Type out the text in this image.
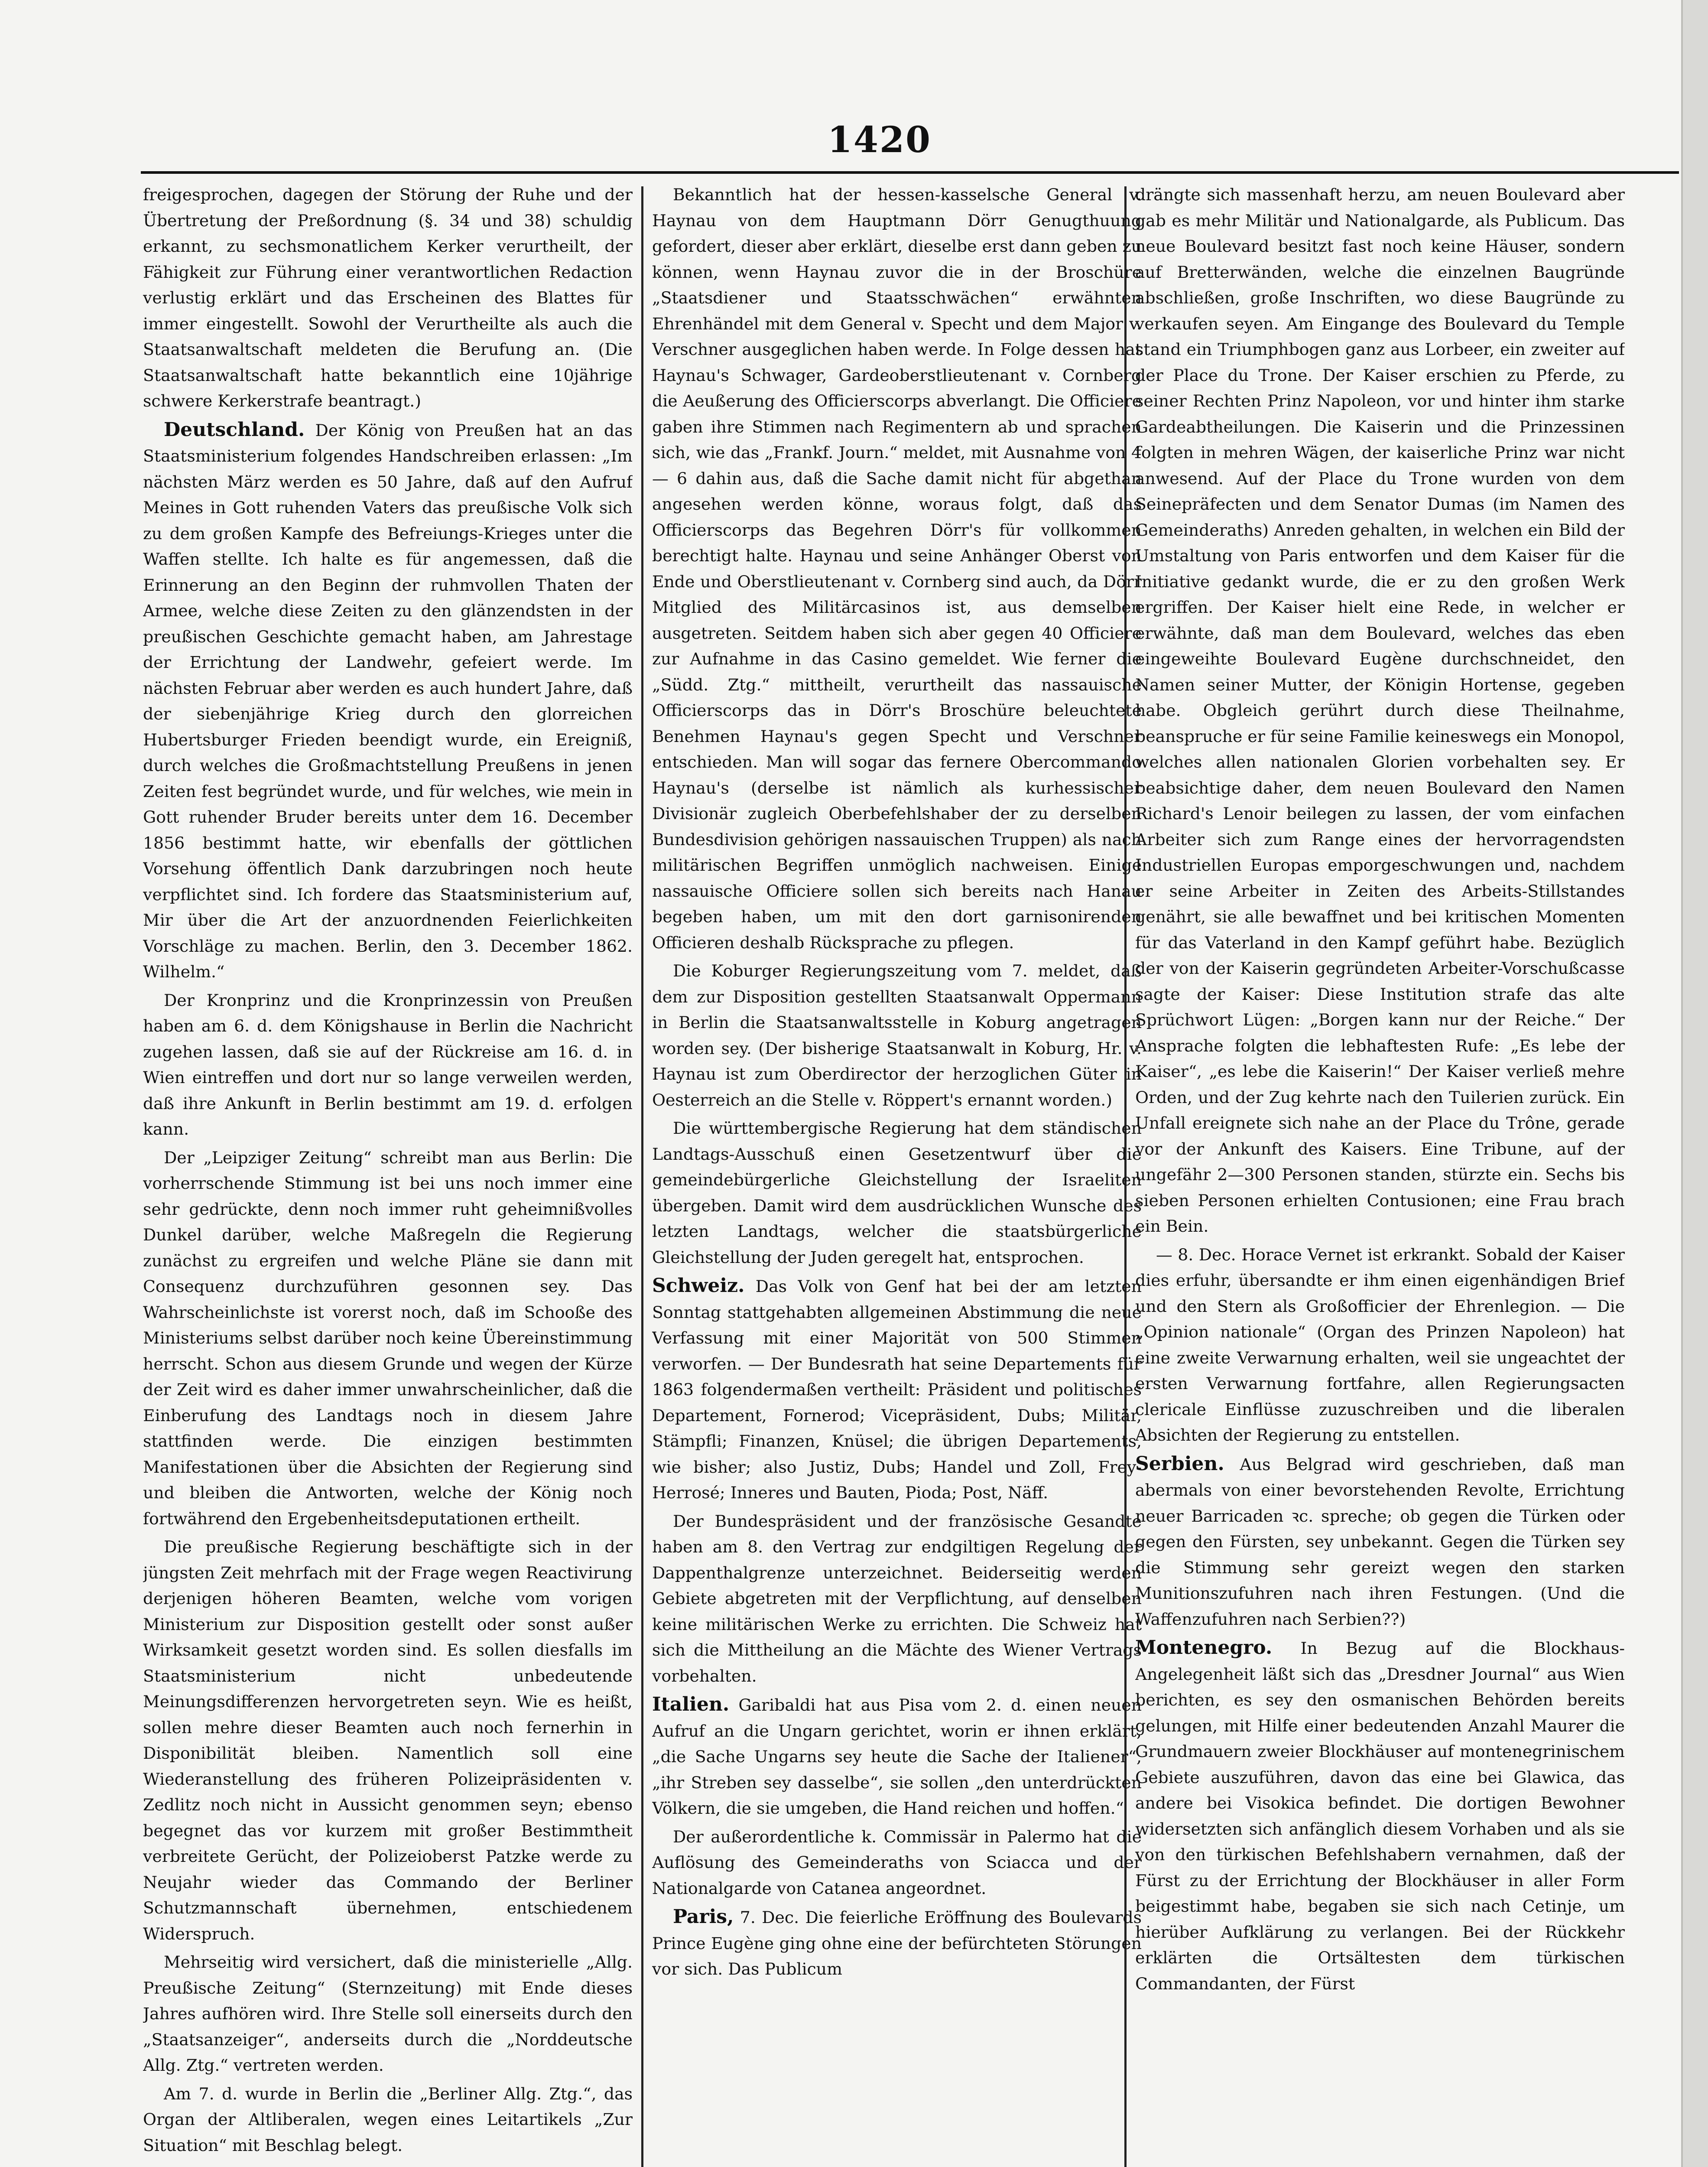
1420

freigesprochen, dagegen der Störung der Ruhe und der Übertretung der Preßordnung (§. 34 und 38) schuldig erkannt, zu sechsmonatlichem Kerker verurtheilt, der Fähigkeit zur Führung einer verantwortlichen Redaction verlustig erklärt und das Erscheinen des Blattes für immer eingestellt. Sowohl der Verurtheilte als auch die Staatsanwaltschaft meldeten die Berufung an. (Die Staatsanwaltschaft hatte bekanntlich eine 10jährige schwere Kerkerstrafe beantragt.)

Deutschland. Der König von Preußen hat an das Staatsministerium folgendes Handschreiben erlassen: „Im nächsten März werden es 50 Jahre, daß auf den Aufruf Meines in Gott ruhenden Vaters das preußische Volk sich zu dem großen Kampfe des Befreiungs-Krieges unter die Waffen stellte. Ich halte es für angemessen, daß die Erinnerung an den Beginn der ruhmvollen Thaten der Armee, welche diese Zeiten zu den glänzendsten in der preußischen Geschichte gemacht haben, am Jahrestage der Errichtung der Landwehr, gefeiert werde. Im nächsten Februar aber werden es auch hundert Jahre, daß der siebenjährige Krieg durch den glorreichen Hubertsburger Frieden beendigt wurde, ein Ereigniß, durch welches die Großmachtstellung Preußens in jenen Zeiten fest begründet wurde, und für welches, wie mein in Gott ruhender Bruder bereits unter dem 16. December 1856 bestimmt hatte, wir ebenfalls der göttlichen Vorsehung öffentlich Dank darzubringen noch heute verpflichtet sind. Ich fordere das Staatsministerium auf, Mir über die Art der anzuordnenden Feierlichkeiten Vorschläge zu machen. Berlin, den 3. December 1862. Wilhelm.“

Der Kronprinz und die Kronprinzessin von Preußen haben am 6. d. dem Königshause in Berlin die Nachricht zugehen lassen, daß sie auf der Rückreise am 16. d. in Wien eintreffen und dort nur so lange verweilen werden, daß ihre Ankunft in Berlin bestimmt am 19. d. erfolgen kann.

Der „Leipziger Zeitung“ schreibt man aus Berlin: Die vorherrschende Stimmung ist bei uns noch immer eine sehr gedrückte, denn noch immer ruht geheimnißvolles Dunkel darüber, welche Maßregeln die Regierung zunächst zu ergreifen und welche Pläne sie dann mit Consequenz durchzuführen gesonnen sey. Das Wahrscheinlichste ist vorerst noch, daß im Schooße des Ministeriums selbst darüber noch keine Übereinstimmung herrscht. Schon aus diesem Grunde und wegen der Kürze der Zeit wird es daher immer unwahrscheinlicher, daß die Einberufung des Landtags noch in diesem Jahre stattfinden werde. Die einzigen bestimmten Manifestationen über die Absichten der Regierung sind und bleiben die Antworten, welche der König noch fortwährend den Ergebenheitsdeputationen ertheilt.

Die preußische Regierung beschäftigte sich in der jüngsten Zeit mehrfach mit der Frage wegen Reactivirung derjenigen höheren Beamten, welche vom vorigen Ministerium zur Disposition gestellt oder sonst außer Wirksamkeit gesetzt worden sind. Es sollen diesfalls im Staatsministerium nicht unbedeutende Meinungsdifferenzen hervorgetreten seyn. Wie es heißt, sollen mehre dieser Beamten auch noch fernerhin in Disponibilität bleiben. Namentlich soll eine Wiederanstellung des früheren Polizeipräsidenten v. Zedlitz noch nicht in Aussicht genommen seyn; ebenso begegnet das vor kurzem mit großer Bestimmtheit verbreitete Gerücht, der Polizeioberst Patzke werde zu Neujahr wieder das Commando der Berliner Schutzmannschaft übernehmen, entschiedenem Widerspruch.

Mehrseitig wird versichert, daß die ministerielle „Allg. Preußische Zeitung“ (Sternzeitung) mit Ende dieses Jahres aufhören wird. Ihre Stelle soll einerseits durch den „Staatsanzeiger“, anderseits durch die „Norddeutsche Allg. Ztg.“ vertreten werden.

Am 7. d. wurde in Berlin die „Berliner Allg. Ztg.“, das Organ der Altliberalen, wegen eines Leitartikels „Zur Situation“ mit Beschlag belegt.

Bekanntlich hat der hessen-kasselsche General v. Haynau von dem Hauptmann Dörr Genugthuung gefordert, dieser aber erklärt, dieselbe erst dann geben zu können, wenn Haynau zuvor die in der Broschüre „Staatsdiener und Staatsschwächen“ erwähnten Ehrenhändel mit dem General v. Specht und dem Major v. Verschner ausgeglichen haben werde. In Folge dessen hat Haynau's Schwager, Gardeoberstlieutenant v. Cornberg die Aeußerung des Officierscorps abverlangt. Die Officiere gaben ihre Stimmen nach Regimentern ab und sprachen sich, wie das „Frankf. Journ.“ meldet, mit Ausnahme von 4 — 6 dahin aus, daß die Sache damit nicht für abgethan angesehen werden könne, woraus folgt, daß das Officierscorps das Begehren Dörr's für vollkommen berechtigt halte. Haynau und seine Anhänger Oberst von Ende und Oberstlieutenant v. Cornberg sind auch, da Dörr Mitglied des Militärcasinos ist, aus demselben ausgetreten. Seitdem haben sich aber gegen 40 Officiere zur Aufnahme in das Casino gemeldet. Wie ferner die „Südd. Ztg.“ mittheilt, verurtheilt das nassauische Officierscorps das in Dörr's Broschüre beleuchtete Benehmen Haynau's gegen Specht und Verschner entschieden. Man will sogar das fernere Obercommando Haynau's (derselbe ist nämlich als kurhessischer Divisionär zugleich Oberbefehlshaber der zu derselben Bundesdivision gehörigen nassauischen Truppen) als nach militärischen Begriffen unmöglich nachweisen. Einige nassauische Officiere sollen sich bereits nach Hanau begeben haben, um mit den dort garnisonirenden Officieren deshalb Rücksprache zu pflegen.

Die Koburger Regierungszeitung vom 7. meldet, daß dem zur Disposition gestellten Staatsanwalt Oppermann in Berlin die Staatsanwaltsstelle in Koburg angetragen worden sey. (Der bisherige Staatsanwalt in Koburg, Hr. v. Haynau ist zum Oberdirector der herzoglichen Güter in Oesterreich an die Stelle v. Röppert's ernannt worden.)

Die württembergische Regierung hat dem ständischen Landtags-Ausschuß einen Gesetzentwurf über die gemeindebürgerliche Gleichstellung der Israeliten übergeben. Damit wird dem ausdrücklichen Wunsche des letzten Landtags, welcher die staatsbürgerliche Gleichstellung der Juden geregelt hat, entsprochen.

Schweiz. Das Volk von Genf hat bei der am letzten Sonntag stattgehabten allgemeinen Abstimmung die neue Verfassung mit einer Majorität von 500 Stimmen verworfen. — Der Bundesrath hat seine Departements für 1863 folgendermaßen vertheilt: Präsident und politisches Departement, Fornerod; Vicepräsident, Dubs; Militär, Stämpfli; Finanzen, Knüsel; die übrigen Departements, wie bisher; also Justiz, Dubs; Handel und Zoll, Frey-Herrosé; Inneres und Bauten, Pioda; Post, Näff.

Der Bundespräsident und der französische Gesandte haben am 8. den Vertrag zur endgiltigen Regelung der Dappenthalgrenze unterzeichnet. Beiderseitig werden Gebiete abgetreten mit der Verpflichtung, auf denselben keine militärischen Werke zu errichten. Die Schweiz hat sich die Mittheilung an die Mächte des Wiener Vertrags vorbehalten.

Italien. Garibaldi hat aus Pisa vom 2. d. einen neuen Aufruf an die Ungarn gerichtet, worin er ihnen erklärt, „die Sache Ungarns sey heute die Sache der Italiener“, „ihr Streben sey dasselbe“, sie sollen „den unterdrückten Völkern, die sie umgeben, die Hand reichen und hoffen.“

Der außerordentliche k. Commissär in Palermo hat die Auflösung des Gemeinderaths von Sciacca und der Nationalgarde von Catanea angeordnet.

Paris, 7. Dec. Die feierliche Eröffnung des Boulevards Prince Eugène ging ohne eine der befürchteten Störungen vor sich. Das Publicum

drängte sich massenhaft herzu, am neuen Boulevard aber gab es mehr Militär und Nationalgarde, als Publicum. Das neue Boulevard besitzt fast noch keine Häuser, sondern auf Bretterwänden, welche die einzelnen Baugründe abschließen, große Inschriften, wo diese Baugründe zu verkaufen seyen. Am Eingange des Boulevard du Temple stand ein Triumphbogen ganz aus Lorbeer, ein zweiter auf der Place du Trone. Der Kaiser erschien zu Pferde, zu seiner Rechten Prinz Napoleon, vor und hinter ihm starke Gardeabtheilungen. Die Kaiserin und die Prinzessinen folgten in mehren Wägen, der kaiserliche Prinz war nicht anwesend. Auf der Place du Trone wurden von dem Seinepräfecten und dem Senator Dumas (im Namen des Gemeinderaths) Anreden gehalten, in welchen ein Bild der Umstaltung von Paris entworfen und dem Kaiser für die Initiative gedankt wurde, die er zu den großen Werk ergriffen. Der Kaiser hielt eine Rede, in welcher er erwähnte, daß man dem Boulevard, welches das eben eingeweihte Boulevard Eugène durchschneidet, den Namen seiner Mutter, der Königin Hortense, gegeben habe. Obgleich gerührt durch diese Theilnahme, beanspruche er für seine Familie keineswegs ein Monopol, welches allen nationalen Glorien vorbehalten sey. Er beabsichtige daher, dem neuen Boulevard den Namen Richard's Lenoir beilegen zu lassen, der vom einfachen Arbeiter sich zum Range eines der hervorragendsten Industriellen Europas emporgeschwungen und, nachdem er seine Arbeiter in Zeiten des Arbeits-Stillstandes genährt, sie alle bewaffnet und bei kritischen Momenten für das Vaterland in den Kampf geführt habe. Bezüglich der von der Kaiserin gegründeten Arbeiter-Vorschußcasse sagte der Kaiser: Diese Institution strafe das alte Sprüchwort Lügen: „Borgen kann nur der Reiche.“ Der Ansprache folgten die lebhaftesten Rufe: „Es lebe der Kaiser“, „es lebe die Kaiserin!“ Der Kaiser verließ mehre Orden, und der Zug kehrte nach den Tuilerien zurück. Ein Unfall ereignete sich nahe an der Place du Trône, gerade vor der Ankunft des Kaisers. Eine Tribune, auf der ungefähr 2—300 Personen standen, stürzte ein. Sechs bis sieben Personen erhielten Contusionen; eine Frau brach ein Bein.

— 8. Dec. Horace Vernet ist erkrankt. Sobald der Kaiser dies erfuhr, übersandte er ihm einen eigenhändigen Brief und den Stern als Großofficier der Ehrenlegion. — Die „Opinion nationale“ (Organ des Prinzen Napoleon) hat eine zweite Verwarnung erhalten, weil sie ungeachtet der ersten Verwarnung fortfahre, allen Regierungsacten clericale Einflüsse zuzuschreiben und die liberalen Absichten der Regierung zu entstellen.

Serbien. Aus Belgrad wird geschrieben, daß man abermals von einer bevorstehenden Revolte, Errichtung neuer Barricaden ꝛc. spreche; ob gegen die Türken oder gegen den Fürsten, sey unbekannt. Gegen die Türken sey die Stimmung sehr gereizt wegen den starken Munitionszufuhren nach ihren Festungen. (Und die Waffenzufuhren nach Serbien??)

Montenegro. In Bezug auf die Blockhaus-Angelegenheit läßt sich das „Dresdner Journal“ aus Wien berichten, es sey den osmanischen Behörden bereits gelungen, mit Hilfe einer bedeutenden Anzahl Maurer die Grundmauern zweier Blockhäuser auf montenegrinischem Gebiete auszuführen, davon das eine bei Glawica, das andere bei Visokica befindet. Die dortigen Bewohner widersetzten sich anfänglich diesem Vorhaben und als sie von den türkischen Befehlshabern vernahmen, daß der Fürst zu der Errichtung der Blockhäuser in aller Form beigestimmt habe, begaben sie sich nach Cetinje, um hierüber Aufklärung zu verlangen. Bei der Rückkehr erklärten die Ortsältesten dem türkischen Commandanten, der Fürst
